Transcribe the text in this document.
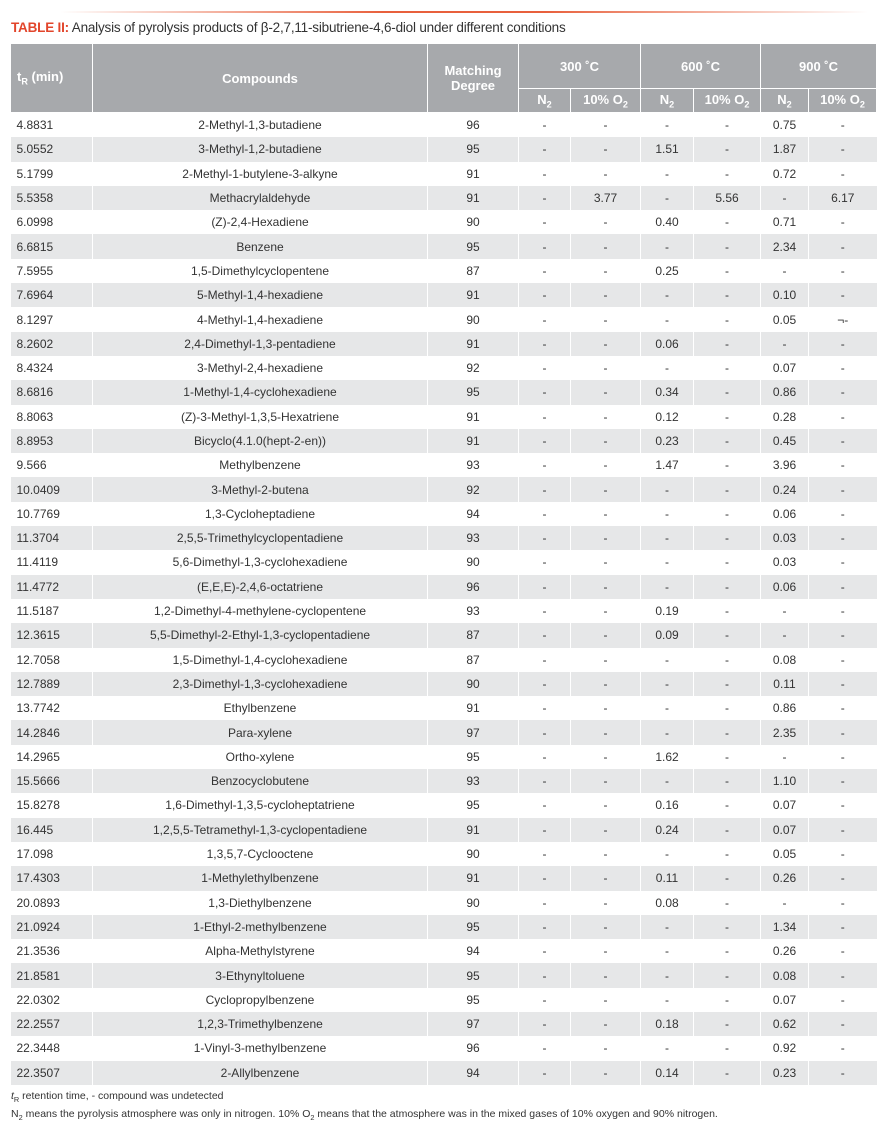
TABLE II: Analysis of pyrolysis products of β-2,7,11-sibutriene-4,6-diol under different conditions
$t_R$ (min)	Compounds	Matching Degree	300 ˚C		600 ˚C		900 ˚C	
			$N_2$	10% $O_2$	$N_2$	10% $O_2$	$N_2$	10% $O_2$
4.8831	2-Methyl-1,3-butadiene	96	-	-	-	-	0.75	-
5.0552	3-Methyl-1,2-butadiene	95	-	-	1.51	-	1.87	-
5.1799	2-Methyl-1-butylene-3-alkyne	91	-	-	-	-	0.72	-
5.5358	Methacrylaldehyde	91	-	3.77	-	5.56	-	6.17
6.0998	(Z)-2,4-Hexadiene	90	-	-	0.40	-	0.71	-
6.6815	Benzene	95	-	-	-	-	2.34	-
7.5955	1,5-Dimethylcyclopentene	87	-	-	0.25	-	-	-
7.6964	5-Methyl-1,4-hexadiene	91	-	-	-	-	0.10	-
8.1297	4-Methyl-1,4-hexadiene	90	-	-	-	-	0.05	¬-
8.2602	2,4-Dimethyl-1,3-pentadiene	91	-	-	0.06	-	-	-
8.4324	3-Methyl-2,4-hexadiene	92	-	-	-	-	0.07	-
8.6816	1-Methyl-1,4-cyclohexadiene	95	-	-	0.34	-	0.86	-
8.8063	(Z)-3-Methyl-1,3,5-Hexatriene	91	-	-	0.12	-	0.28	-
8.8953	Bicyclo(4.1.0(hept-2-en))	91	-	-	0.23	-	0.45	-
9.566	Methylbenzene	93	-	-	1.47	-	3.96	-
10.0409	3-Methyl-2-butena	92	-	-	-	-	0.24	-
10.7769	1,3-Cycloheptadiene	94	-	-	-	-	0.06	-
11.3704	2,5,5-Trimethylcyclopentadiene	93	-	-	-	-	0.03	-
11.4119	5,6-Dimethyl-1,3-cyclohexadiene	90	-	-	-	-	0.03	-
11.4772	(E,E,E)-2,4,6-octatriene	96	-	-	-	-	0.06	-
11.5187	1,2-Dimethyl-4-methylene-cyclopentene	93	-	-	0.19	-	-	-
12.3615	5,5-Dimethyl-2-Ethyl-1,3-cyclopentadiene	87	-	-	0.09	-	-	-
12.7058	1,5-Dimethyl-1,4-cyclohexadiene	87	-	-	-	-	0.08	-
12.7889	2,3-Dimethyl-1,3-cyclohexadiene	90	-	-	-	-	0.11	-
13.7742	Ethylbenzene	91	-	-	-	-	0.86	-
14.2846	Para-xylene	97	-	-	-	-	2.35	-
14.2965	Ortho-xylene	95	-	-	1.62	-	-	-
15.5666	Benzocyclobutene	93	-	-	-	-	1.10	-
15.8278	1,6-Dimethyl-1,3,5-cycloheptatriene	95	-	-	0.16	-	0.07	-
16.445	1,2,5,5-Tetramethyl-1,3-cyclopentadiene	91	-	-	0.24	-	0.07	-
17.098	1,3,5,7-Cyclooctene	90	-	-	-	-	0.05	-
17.4303	1-Methylethylbenzene	91	-	-	0.11	-	0.26	-
20.0893	1,3-Diethylbenzene	90	-	-	0.08	-	-	-
21.0924	1-Ethyl-2-methylbenzene	95	-	-	-	-	1.34	-
21.3536	Alpha-Methylstyrene	94	-	-	-	-	0.26	-
21.8581	3-Ethynyltoluene	95	-	-	-	-	0.08	-
22.0302	Cyclopropylbenzene	95	-	-	-	-	0.07	-
22.2557	1,2,3-Trimethylbenzene	97	-	-	0.18	-	0.62	-
22.3448	1-Vinyl-3-methylbenzene	96	-	-	-	-	0.92	-
22.3507	2-Allylbenzene	94	-	-	0.14	-	0.23	-
$t_R$ retention time, - compound was undetected
$N_2$ means the pyrolysis atmosphere was only in nitrogen. 10% $O_2$ means that the atmosphere was in the mixed gases of 10% oxygen and 90% nitrogen.
